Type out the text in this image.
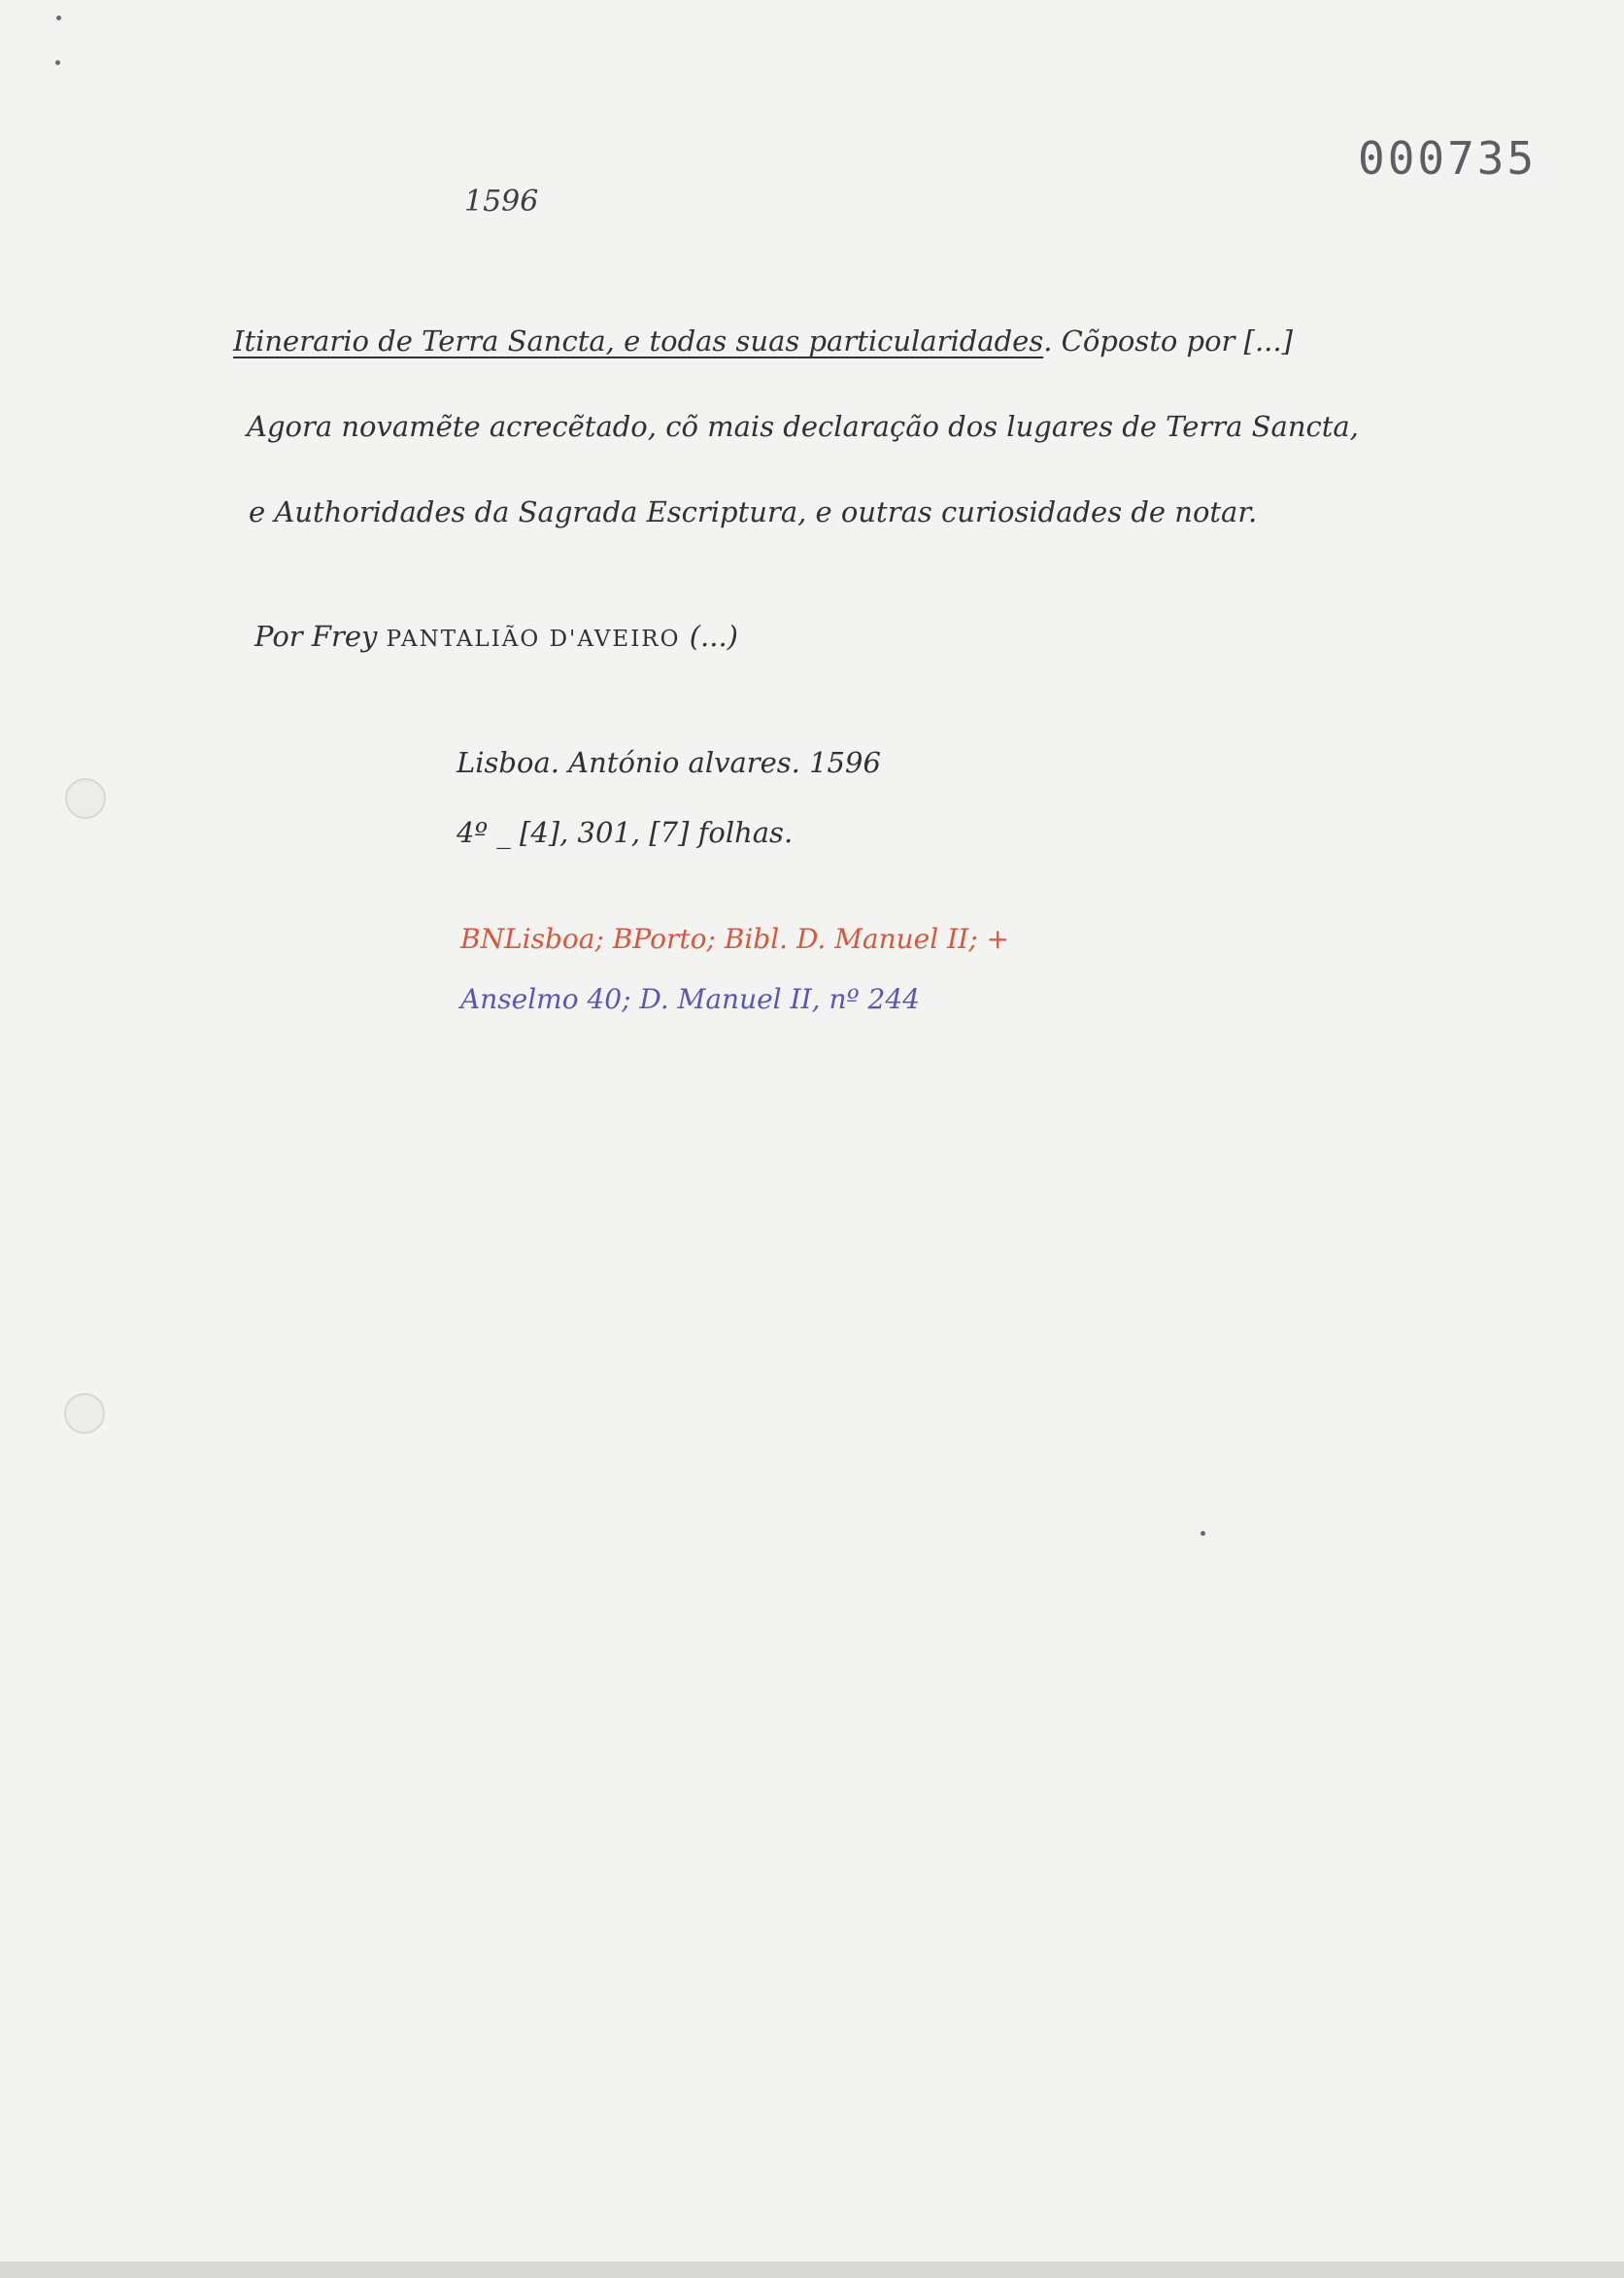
000735
1596
Itinerario de Terra Sancta, e todas suas particularidades. Cõposto por [...]
Agora novamẽte acrecẽtado, cõ mais declaração dos lugares de Terra Sancta,
e Authoridades da Sagrada Escriptura, e outras curiosidades de notar.
Por Frey PANTALIÃO D'AVEIRO (...)
Lisboa. António alvares. 1596
4º _ [4], 301, [7] folhas.
BNLisboa; BPorto; Bibl. D. Manuel II; +
Anselmo 40; D. Manuel II, nº 244
